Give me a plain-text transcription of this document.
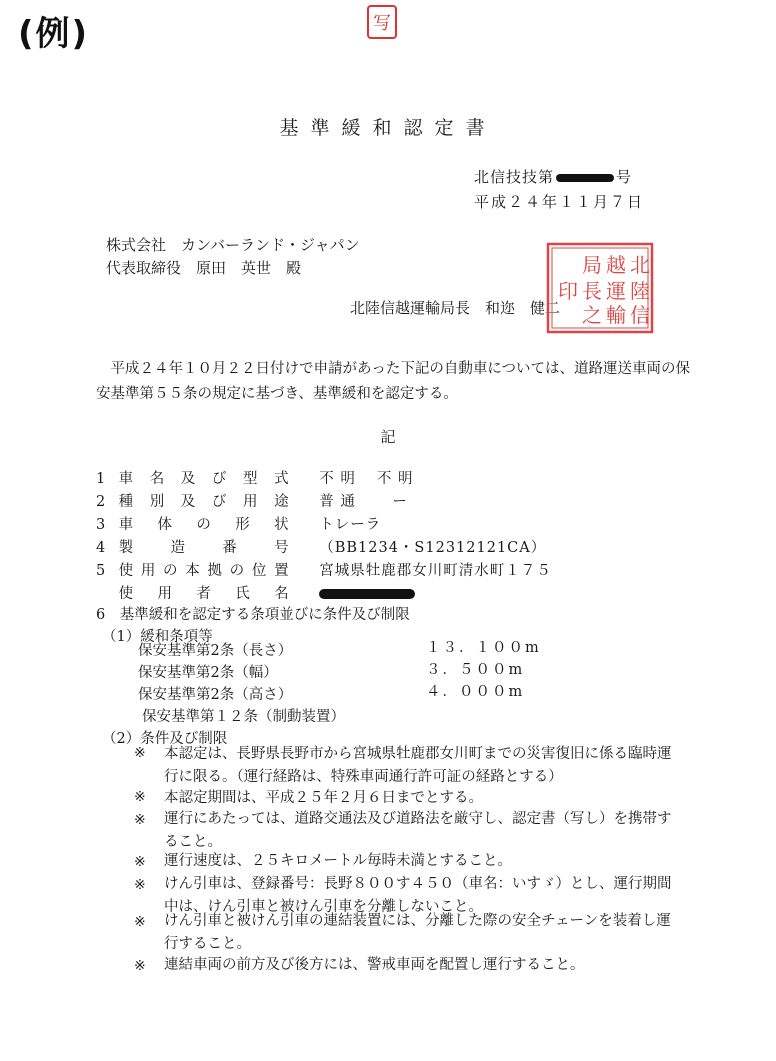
(例)	写
基準緩和認定書
北信技技第	号
平成２４年１１月７日
株式会社　カンバーランド・ジャパン
代表取締役　原田　英世　殿
北陸信越運輸局長　和迩　健二
北
陸
信
越
運
輸
局
長
之
印
　平成２４年１０月２２日付けで申請があった下記の自動車については、道路運送車両の保安基準第５５条の規定に基づき、基準緩和を認定する。
記
1 車名及び型式 不 明　 不 明
2 種別及び用途 普 通　　 ー
3 車体の形状 トレーラ
4 製造番号 （BB1234・S12312121CA）
5 使用の本拠の位置 宮城県牡鹿郡女川町清水町１７５
使用者氏名
6　基準緩和を認定する条項並びに条件及び制限
（1）緩和条項等
保安基準第2条（長さ）	１３．１００m
保安基準第2条（幅）	３．５００m
保安基準第2条（高さ）	４．０００m
保安基準第１２条（制動装置）
（2）条件及び制限
※ 本認定は、長野県長野市から宮城県牡鹿郡女川町までの災害復旧に係る臨時運行に限る。（運行経路は、特殊車両通行許可証の経路とする）
※ 本認定期間は、平成２５年２月６日までとする。
※ 運行にあたっては、道路交通法及び道路法を厳守し、認定書（写し）を携帯すること。
※ 運行速度は、２５キロメートル毎時未満とすること。
※ けん引車は、登録番号：長野８００す４５０（車名：いすゞ）とし、運行期間中は、けん引車と被けん引車を分離しないこと。
※ けん引車と被けん引車の連結装置には、分離した際の安全チェーンを装着し運行すること。
※ 連結車両の前方及び後方には、警戒車両を配置し運行すること。
